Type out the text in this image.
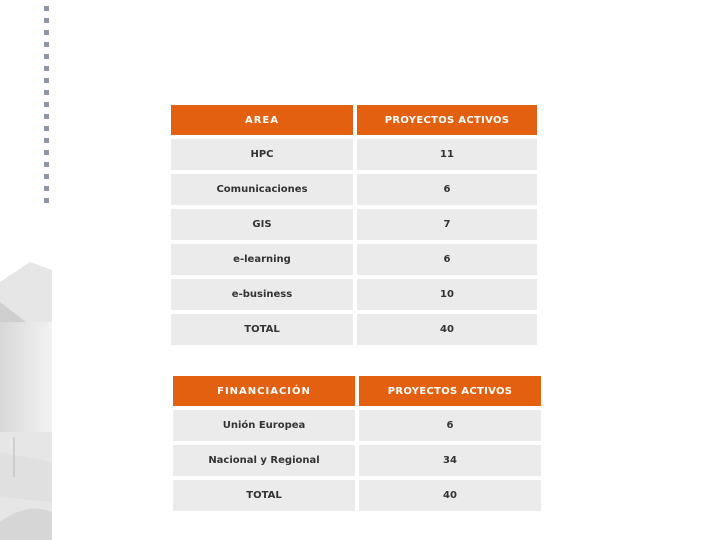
AREA	PROYECTOS ACTIVOS
HPC	11
Comunicaciones	6
GIS	7
e-learning	6
e-business	10
TOTAL	40
FINANCIACIÓN	PROYECTOS ACTIVOS
Unión Europea	6
Nacional y Regional	34
TOTAL	40
